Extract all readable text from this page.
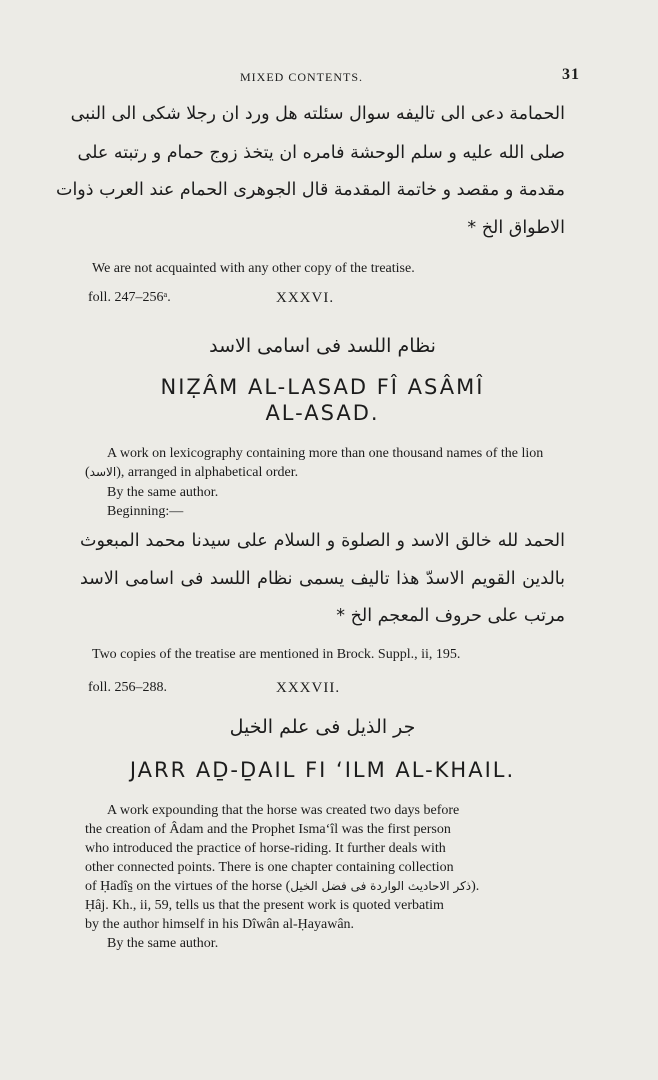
MIXED CONTENTS.	31
الحمامة دعى الى تاليفه سوال سئلته هل ورد ان رجلا شكى الى النبى
صلى الله عليه و سلم الوحشة فامره ان يتخذ زوج حمام و رتبته على
مقدمة و مقصد و خاتمة المقدمة قال الجوهرى الحمام عند العرب ذوات
الاطواق الخ *
We are not acquainted with any other copy of the treatise.
foll. 247–256ᵃ.	XXXVI.
نظام اللسد فى اسامى الاسد
NIẒÂM AL-LASAD FÎ ASÂMÎ
AL-ASAD.
A work on lexicography containing more than one thousand names of the lion (الاسد), arranged in alphabetical order.
By the same author.
Beginning:—
الحمد لله خالق الاسد و الصلوة و السلام على سيدنا محمد المبعوث
بالدين القويم الاسدّ هذا تاليف يسمى نظام اللسد فى اسامى الاسد
مرتب على حروف المعجم الخ *
Two copies of the treatise are mentioned in Brock. Suppl., ii, 195.
foll. 256–288.	XXXVII.
جر الذيل فى علم الخيل
JARR AḎ-ḎAIL FI ‘ILM AL-KHAIL.
A work expounding that the horse was created two days before
the creation of Âdam and the Prophet Isma‘îl was the first person
who introduced the practice of horse-riding. It further deals with
other connected points. There is one chapter containing collection
of Ḥadîs̱ on the virtues of the horse (ذكر الاحاديث الواردة فى فضل الخيل).
Ḥâj. Kh., ii, 59, tells us that the present work is quoted verbatim
by the author himself in his Dîwân al-Ḥayawân.
By the same author.
